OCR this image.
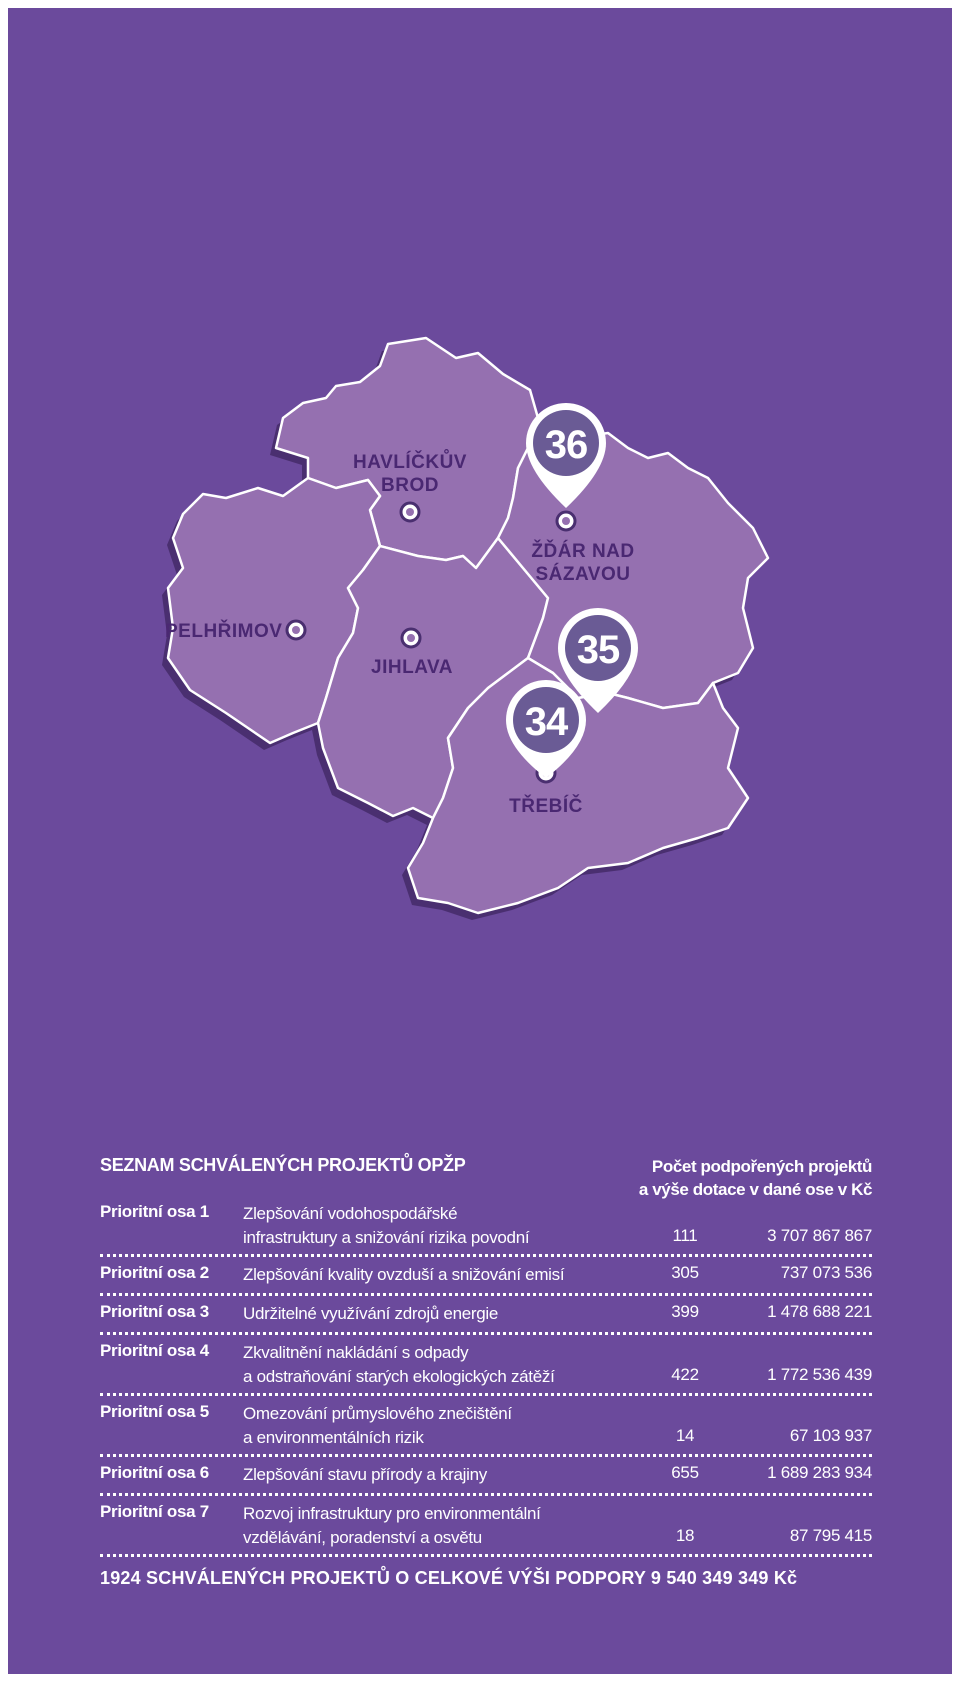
HAVLÍČKŮV
BROD
ŽĎÁR NAD
SÁZAVOU
PELHŘIMOV
JIHLAVA
TŘEBÍČ
36
35
34
SEZNAM SCHVÁLENÝCH PROJEKTŮ OPŽP	Počet podpořených projektů
a výše dotace v dané ose v Kč
Prioritní osa 1 Zlepšování vodohospodářské
infrastruktury a snižování rizika povodní	111	3 707 867 867
Prioritní osa 2 Zlepšování kvality ovzduší a snižování emisí	305	737 073 536
Prioritní osa 3 Udržitelné využívání zdrojů energie	399	1 478 688 221
Prioritní osa 4 Zkvalitnění nakládání s odpady
a odstraňování starých ekologických zátěží	422	1 772 536 439
Prioritní osa 5 Omezování průmyslového znečištění
a environmentálních rizik	14	67 103 937
Prioritní osa 6 Zlepšování stavu přírody a krajiny	655	1 689 283 934
Prioritní osa 7 Rozvoj infrastruktury pro environmentální
vzdělávání, poradenství a osvětu	18	87 795 415
1924 SCHVÁLENÝCH PROJEKTŮ O CELKOVÉ VÝŠI PODPORY 9 540 349 349 Kč
